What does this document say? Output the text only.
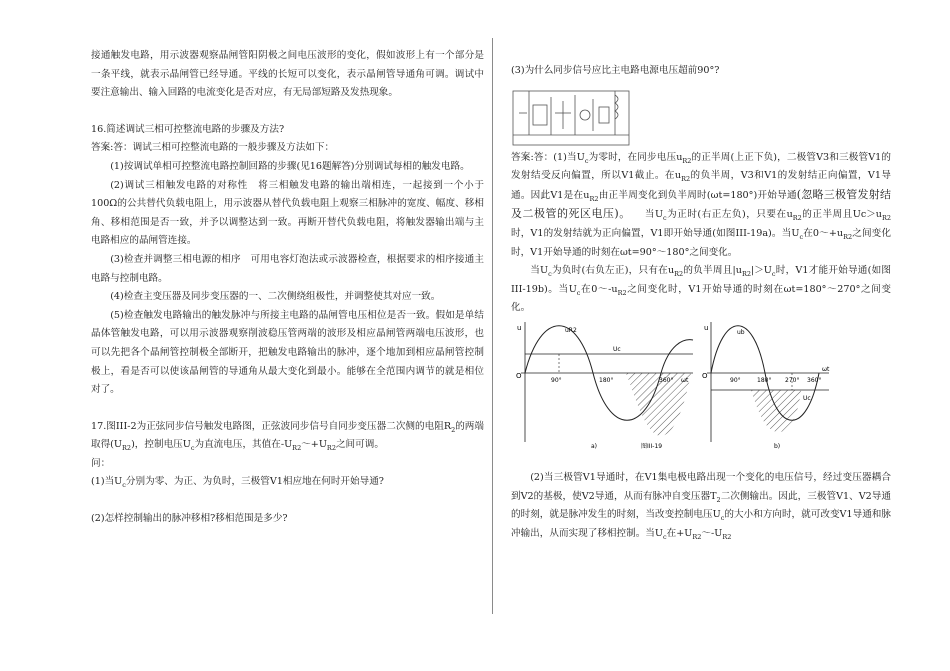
接通触发电路，用示波器观察晶闸管阳阴极之间电压波形的变化，假如波形上有一个部分是一条平线，就表示晶闸管已经导通。平线的长短可以变化，表示晶闸管导通角可调。调试中要注意输出、输入回路的电流变化是否对应，有无局部短路及发热现象。

16.简述调试三相可控整流电路的步骤及方法?

答案:答：调试三相可控整流电路的一般步骤及方法如下：

(1)按调试单相可控整流电路控制回路的步骤(见16题解答)分别调试每相的触发电路。

(2)调试三相触发电路的对称性　将三相触发电路的输出端相连，一起接到一个小于100Ω的公共替代负载电阻上，用示波器从替代负载电阻上观察三相脉冲的宽度、幅度、移相角、移相范围是否一致，并予以调整达到一致。再断开替代负载电阻，将触发器输出端与主电路相应的晶闸管连接。

(3)检查并调整三相电源的相序　可用电容灯泡法或示波器检查，根据要求的相序接通主电路与控制电路。

(4)检查主变压器及同步变压器的一、二次侧绕组极性，并调整使其对应一致。

(5)检查触发电路输出的触发脉冲与所接主电路的晶闸管电压相位是否一致。假如是单结晶体管触发电路，可以用示波器观察削波稳压管两端的波形及相应晶闸管两端电压波形，也可以先把各个晶闸管控制极全部断开，把触发电路输出的脉冲，逐个地加到相应晶闸管控制极上，看是否可以使该晶闸管的导通角从最大变化到最小。能够在全范围内调节的就是相位对了。

17.图III-2为正弦同步信号触发电路图，正弦波同步信号自同步变压器二次侧的电阻$R_2$的两端取得$(U_{R2})$，控制电压$U_c$为直流电压，其值在$-U_{R2}\sim+U_{R2}$之间可调。

问：

(1)当$U_c$分别为零、为正、为负时，三极管V1相应地在何时开始导通?

(2)怎样控制输出的脉冲移相?移相范围是多少?

(3)为什么同步信号应比主电路电源电压超前90°?

答案:答：(1)当$U_c$为零时，在同步电压$u_{R2}$的正半周(上正下负)，二极管V3和三极管V1的发射结受反向偏置，所以V1截止。在$u_{R2}$的负半周，V3和V1的发射结正向偏置，V1导通。因此V1是在$u_{R2}$由正半周变化到负半周时(ωt=180°)开始导通(忽略三极管发射结及二极管的死区电压)。 当$U_c$为正时(右正左负)，只要在$u_{R2}$的正半周且$Uc>u_{R2}$时，V1的发射结就为正向偏置，V1即开始导通(如图III-19a)。当$U_c$在$0\sim+u_{R2}$之间变化时，V1开始导通的时刻在ωt=90°～180°之间变化。

当$U_c$为负时(右负左正)，只有在$u_{R2}$的负半周且$|u_{R2}|>U_c$时，V1才能开始导通(如图III-19b)。当$U_c$在$0\sim-u_{R2}$之间变化时，V1开始导通的时刻在ωt=180°～270°之间变化。

u
O
90°	180°	360° ωt
Uc
uR2
a)
u
O
90°	180° 270° 360°
ωt
Uc
ub
b)
图III-19

(2)当三极管V1导通时，在V1集电极电路出现一个变化的电压信号，经过变压器耦合到V2的基极，使V2导通，从而有脉冲自变压器$T_2$二次侧输出。因此，三极管V1、V2导通的时刻，就是脉冲发生的时刻，当改变控制电压$U_c$的大小和方向时，就可改变V1导通和脉冲输出，从而实现了移相控制。当$U_c$在$+U_{R2}\sim-U_{R2}$
